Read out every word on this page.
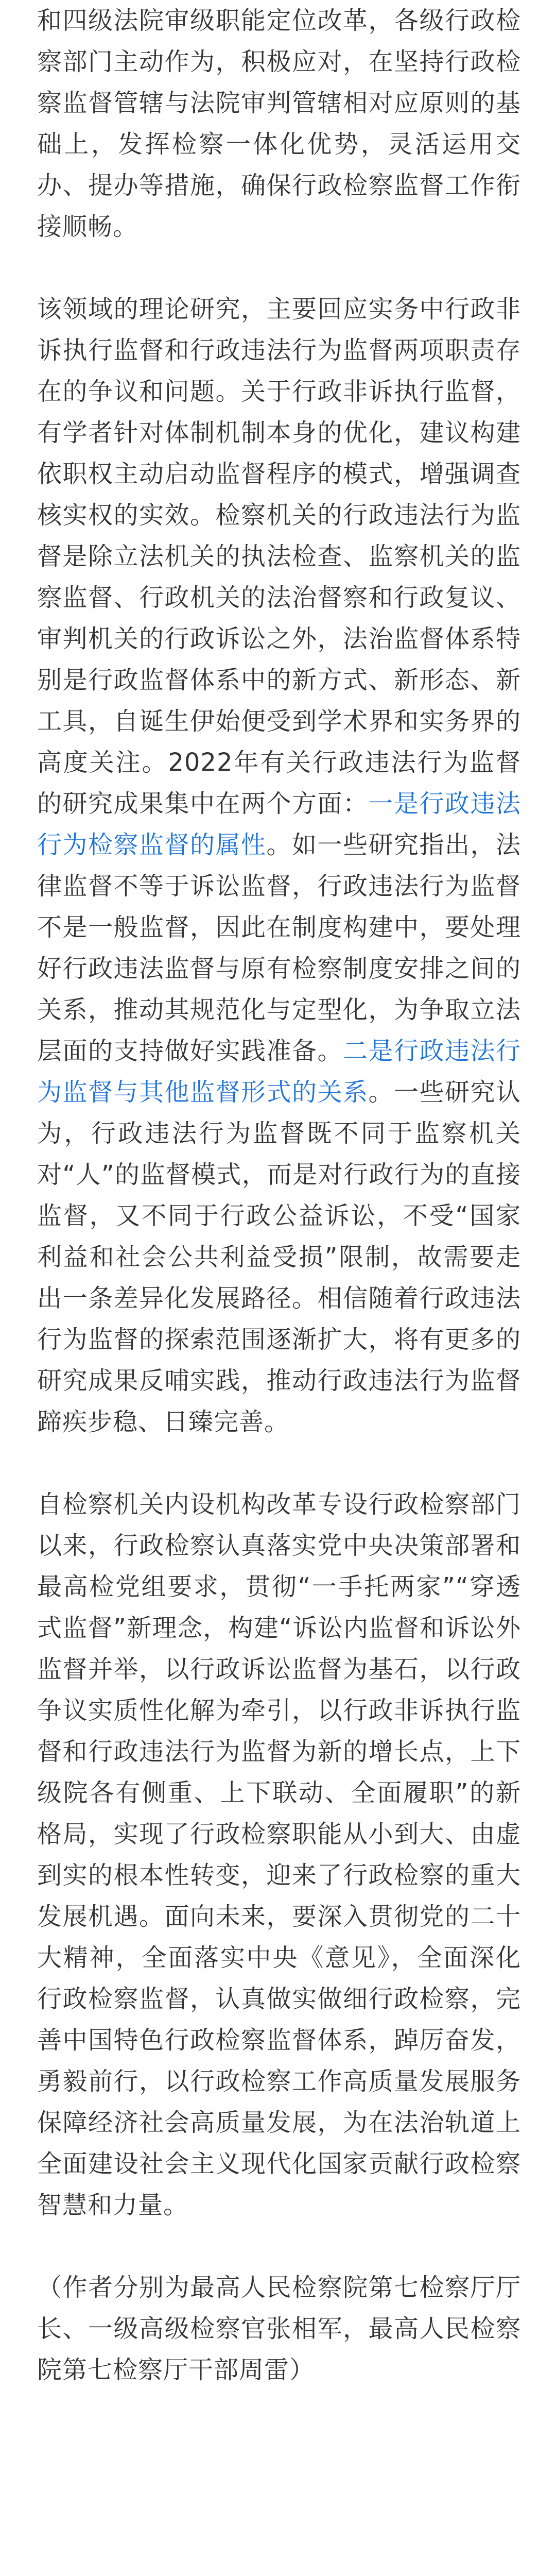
和四级法院审级职能定位改革，各级行政检察部门主动作为，积极应对，在坚持行政检察监督管辖与法院审判管辖相对应原则的基础上，发挥检察一体化优势，灵活运用交办、提办等措施，确保行政检察监督工作衔接顺畅。

该领域的理论研究，主要回应实务中行政非诉执行监督和行政违法行为监督两项职责存在的争议和问题。关于行政非诉执行监督，有学者针对体制机制本身的优化，建议构建依职权主动启动监督程序的模式，增强调查核实权的实效。检察机关的行政违法行为监督是除立法机关的执法检查、监察机关的监察监督、行政机关的法治督察和行政复议、审判机关的行政诉讼之外，法治监督体系特别是行政监督体系中的新方式、新形态、新工具，自诞生伊始便受到学术界和实务界的高度关注。2022年有关行政违法行为监督的研究成果集中在两个方面：一是行政违法行为检察监督的属性。如一些研究指出，法律监督不等于诉讼监督，行政违法行为监督不是一般监督，因此在制度构建中，要处理好行政违法监督与原有检察制度安排之间的关系，推动其规范化与定型化，为争取立法层面的支持做好实践准备。二是行政违法行为监督与其他监督形式的关系。一些研究认为，行政违法行为监督既不同于监察机关对“人”的监督模式，而是对行政行为的直接监督，又不同于行政公益诉讼，不受“国家利益和社会公共利益受损”限制，故需要走出一条差异化发展路径。相信随着行政违法行为监督的探索范围逐渐扩大，将有更多的研究成果反哺实践，推动行政违法行为监督蹄疾步稳、日臻完善。

自检察机关内设机构改革专设行政检察部门以来，行政检察认真落实党中央决策部署和最高检党组要求，贯彻“一手托两家”“穿透式监督”新理念，构建“诉讼内监督和诉讼外监督并举，以行政诉讼监督为基石，以行政争议实质性化解为牵引，以行政非诉执行监督和行政违法行为监督为新的增长点，上下级院各有侧重、上下联动、全面履职”的新格局，实现了行政检察职能从小到大、由虚到实的根本性转变，迎来了行政检察的重大发展机遇。面向未来，要深入贯彻党的二十大精神，全面落实中央《意见》，全面深化行政检察监督，认真做实做细行政检察，完善中国特色行政检察监督体系，踔厉奋发，勇毅前行，以行政检察工作高质量发展服务保障经济社会高质量发展，为在法治轨道上全面建设社会主义现代化国家贡献行政检察智慧和力量。

（作者分别为最高人民检察院第七检察厅厅长、一级高级检察官张相军，最高人民检察院第七检察厅干部周雷）
